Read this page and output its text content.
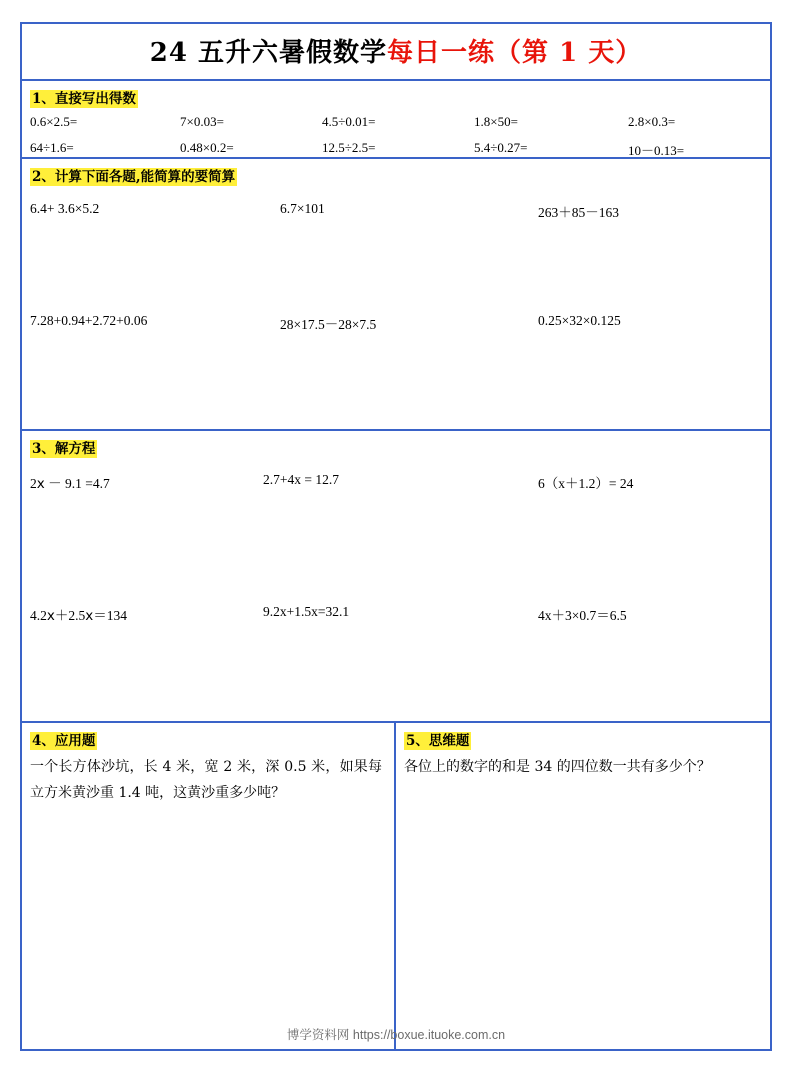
24 五升六暑假数学每日一练（第 1 天）
1、直接写出得数
0.6×2.5=	7×0.03=	4.5÷0.01=	1.8×50=	2.8×0.3=
64÷1.6=	0.48×0.2=	12.5÷2.5=	5.4÷0.27=	10－0.13=
2、计算下面各题,能简算的要简算
6.4+ 3.6×5.2	6.7×101	263＋85－163
7.28+0.94+2.72+0.06	28×17.5－28×7.5	0.25×32×0.125
3、解方程
2ⅹ － 9.1 =4.7	2.7+4x = 12.7	6（x＋1.2）= 24
4.2ⅹ＋2.5ⅹ＝134	9.2x+1.5x=32.1	4x＋3×0.7＝6.5
4、应用题
一个长方体沙坑，长 4 米，宽 2 米，深 0.5 米，如果每立方米黄沙重 1.4 吨，这黄沙重多少吨？
5、思维题
各位上的数字的和是 34 的四位数一共有多少个？
博学资料网 https://boxue.ituoke.com.cn
